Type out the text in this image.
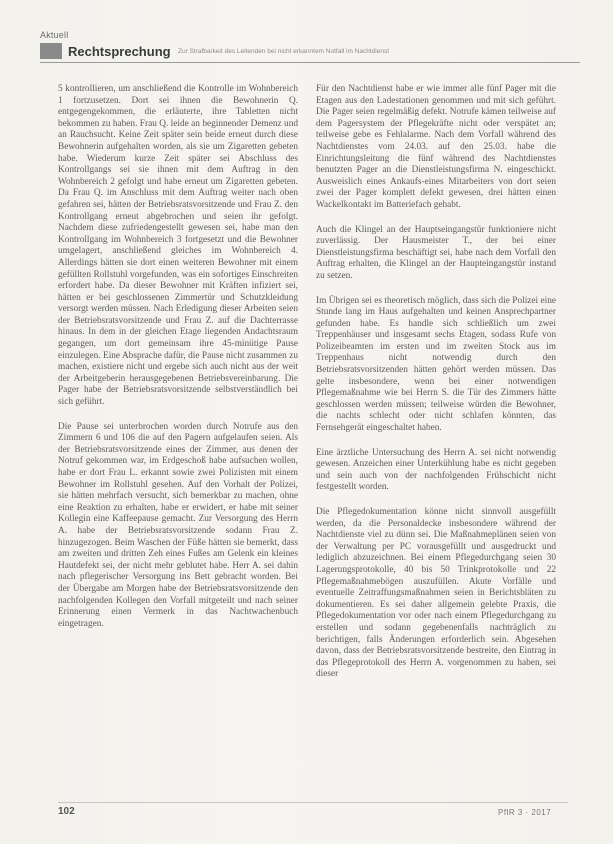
Aktuell
Rechtsprechung Zur Strafbarkeit des Leitenden bei nicht erkanntem Notfall im Nachtdienst

5 kontrollieren, um anschließend die Kontrolle im Wohnbereich 1 fortzusetzen. Dort sei ihnen die Bewohnerin Q. entgegengekommen, die erläuterte, ihre Tabletten nicht bekommen zu haben. Frau Q. leide an beginnender Demenz und an Rauchsucht. Keine Zeit später sein beide erneut durch diese Bewohnerin aufgehalten worden, als sie um Zigaretten gebeten habe. Wiederum kurze Zeit später sei Abschluss des Kontrollgangs sei sie ihnen mit dem Auftrag in den Wohnbereich 2 gefolgt und habe erneut um Zigaretten gebeten. Da Frau Q. im Anschluss mit dem Auftrag weiter nach oben gefahren sei, hätten der Betriebsratsvorsitzende und Frau Z. den Kontrollgang erneut abgebrochen und seien ihr gefolgt. Nachdem diese zufriedengestellt gewesen sei, habe man den Kontrollgang im Wohnbereich 3 fortgesetzt und die Bewohner umgelagert, anschließend gleiches im Wohnbereich 4. Allerdings hätten sie dort einen weiteren Bewohner mit einem gefüllten Rollstuhl vorgefunden, was ein sofortiges Einschreiten erfordert habe. Da dieser Bewohner mit Kräften infiziert sei, hätten er bei geschlossenen Zimmertür und Schutzkleidung versorgt werden müssen. Nach Erledigung dieser Arbeiten seien der Betriebsratsvorsitzende und Frau Z. auf die Dachterrasse hinaus. In dem in der gleichen Etage liegenden Andachtsraum gegangen, um dort gemeinsam ihre 45-minütige Pause einzulegen. Eine Absprache dafür, die Pause nicht zusammen zu machen, existiere nicht und ergebe sich auch nicht aus der weit der Arbeitgeberin herausgegebenen Betriebsvereinbarung. Die Pager habe der Betriebsratsvorsitzende selbstverständlich bei sich geführt.

Die Pause sei unterbrochen worden durch Notrufe aus den Zimmern 6 und 106 die auf den Pagern aufgelaufen seien. Als der Betriebsratsvorsitzende eines der Zimmer, aus denen der Notruf gekommen war, im Erdgeschoß habe aufsuchen wollen, habe er dort Frau L. erkannt sowie zwei Polizisten mit einem Bewohner im Rollstuhl gesehen. Auf den Vorhalt der Polizei, sie hätten mehrfach versucht, sich bemerkbar zu machen, ohne eine Reaktion zu erhalten, habe er erwidert, er habe mit seiner Kollegin eine Kaffeepause gemacht. Zur Versorgung des Herrn A. habe der Betriebsratsvorsitzende sodann Frau Z. hinzugezogen. Beim Waschen der Füße hätten sie bemerkt, dass am zweiten und dritten Zeh eines Fußes am Gelenk ein kleines Hautdefekt sei, der nicht mehr geblutet habe. Herr A. sei dahin nach pflegerischer Versorgung ins Bett gebracht worden. Bei der Übergabe am Morgen habe der Betriebsratsvorsitzende den nachfolgenden Kollegen den Vorfall mitgeteilt und nach seiner Erinnerung einen Vermerk in das Nachtwachenbuch eingetragen.

Für den Nachtdienst habe er wie immer alle fünf Pager mit die Etagen aus den Ladestationen genommen und mit sich geführt. Die Pager seien regelmäßig defekt. Notrufe kämen teilweise auf dem Pagersystem der Pflegekräfte nicht oder verspätet an; teilweise gebe es Fehlalarme. Nach dem Vorfall während des Nachtdienstes vom 24.03. auf den 25.03. habe die Einrichtungsleitung die fünf während des Nachtdienstes benutzten Pager an die Dienstleistungsfirma N. eingeschickt. Ausweislich eines Ankaufs-eines Mitarbeiters von dort seien zwei der Pager komplett defekt gewesen, drei hätten einen Wackelkontakt im Batteriefach gehabt.

Auch die Klingel an der Hauptseingangstür funktioniere nicht zuverlässig. Der Hausmeister T., der bei einer Dienstleistungsfirma beschäftigt sei, habe nach dem Vorfall den Auftrag erhalten, die Klingel an der Haupteingangstür instand zu setzen.

Im Übrigen sei es theoretisch möglich, dass sich die Polizei eine Stunde lang im Haus aufgehalten und keinen Ansprechpartner gefunden habe. Es handle sich schließlich um zwei Treppenhäuser und insgesamt sechs Etagen, sodass Rufe von Polizeibeamten im ersten und im zweiten Stock aus im Treppenhaus nicht notwendig durch den Betriebsratsvorsitzenden hätten gehört werden müssen. Das gelte insbesondere, wenn bei einer notwendigen Pflegemaßnahme wie bei Herrn S. die Tür des Zimmers hätte geschlossen werden müssen; teilweise würden die Bewohner, die nachts schlecht oder nicht schlafen könnten, das Fernsehgerät eingeschaltet haben.

Eine ärztliche Untersuchung des Herrn A. sei nicht notwendig gewesen. Anzeichen einer Unterkühlung habe es nicht gegeben und sein auch von der nachfolgenden Frühschicht nicht festgestellt worden.

Die Pflegedokumentation könne nicht sinnvoll ausgefüllt werden, da die Personaldecke insbesondere während der Nachtdienste viel zu dünn sei. Die Maßnahmeplänen seien von der Verwaltung per PC vorausgefüllt und ausgedruckt und lediglich abzuzeichnen. Bei einem Pflegedurchgang seien 30 Lagerungsprotokolle, 40 bis 50 Trinkprotokolle und 22 Pflegemaßnahmebögen auszufüllen. Akute Vorfälle und eventuelle Zeitraffungsmaßnahmen seien in Berichtsbläten zu dokumentieren. Es sei daher allgemein gelebte Praxis, die Pflegedokumentation vor oder nach einem Pflegedurchgang zu erstellen und sodann gegebenenfalls nachträglich zu berichtigen, falls Änderungen erforderlich sein. Abgesehen davon, dass der Betriebsratsvorsitzende bestreite, den Eintrag in das Pflegeprotokoll des Herrn A. vorgenommen zu haben, sei dieser

102	PflR 3 · 2017
